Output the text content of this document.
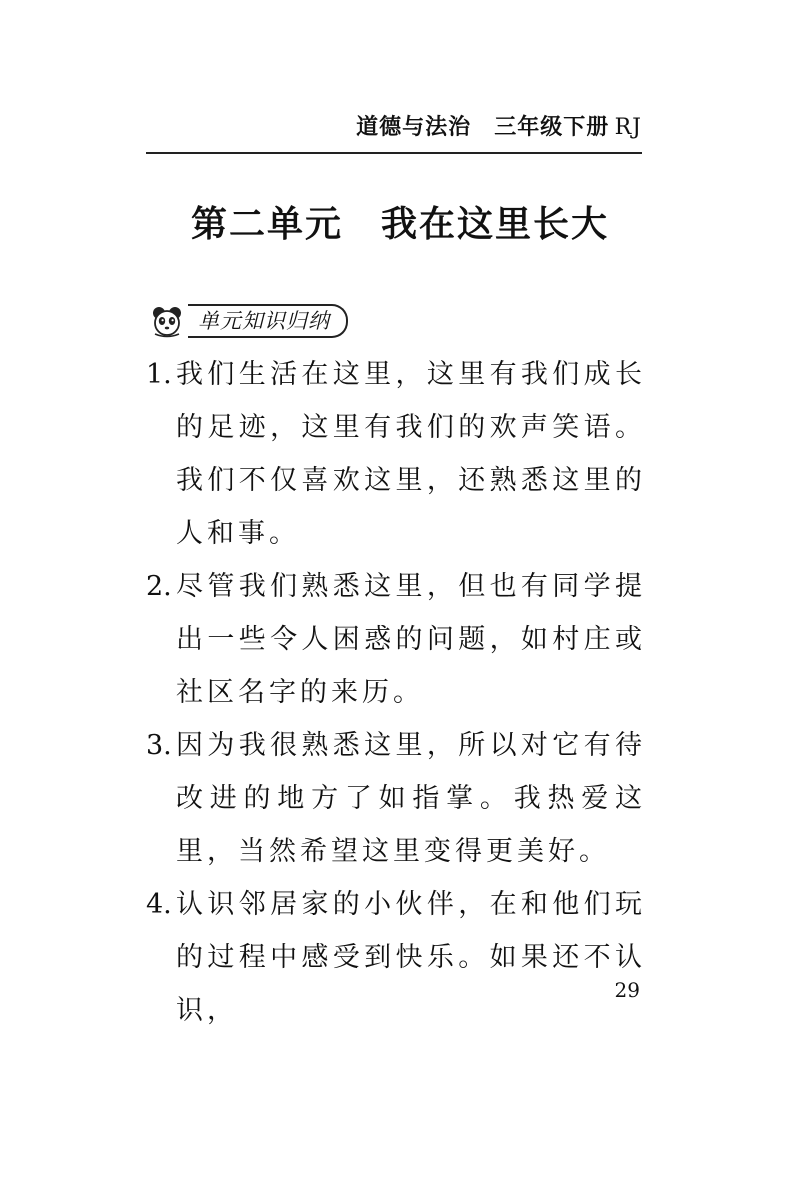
道德与法治　 三年级下册  RJ
第二单元　我在这里长大
单元知识归纳
1. 我们生活在这里，这里有我们成长的足迹，这里有我们的欢声笑语。我们不仅喜欢这里，还熟悉这里的人和事。
2. 尽管我们熟悉这里，但也有同学提出一些令人困惑的问题，如村庄或社区名字的来历。
3. 因为我很熟悉这里，所以对它有待改进的地方了如指掌。我热爱这里，当然希望这里变得更美好。
4. 认识邻居家的小伙伴，在和他们玩的过程中感受到快乐。如果还不认识，
29
